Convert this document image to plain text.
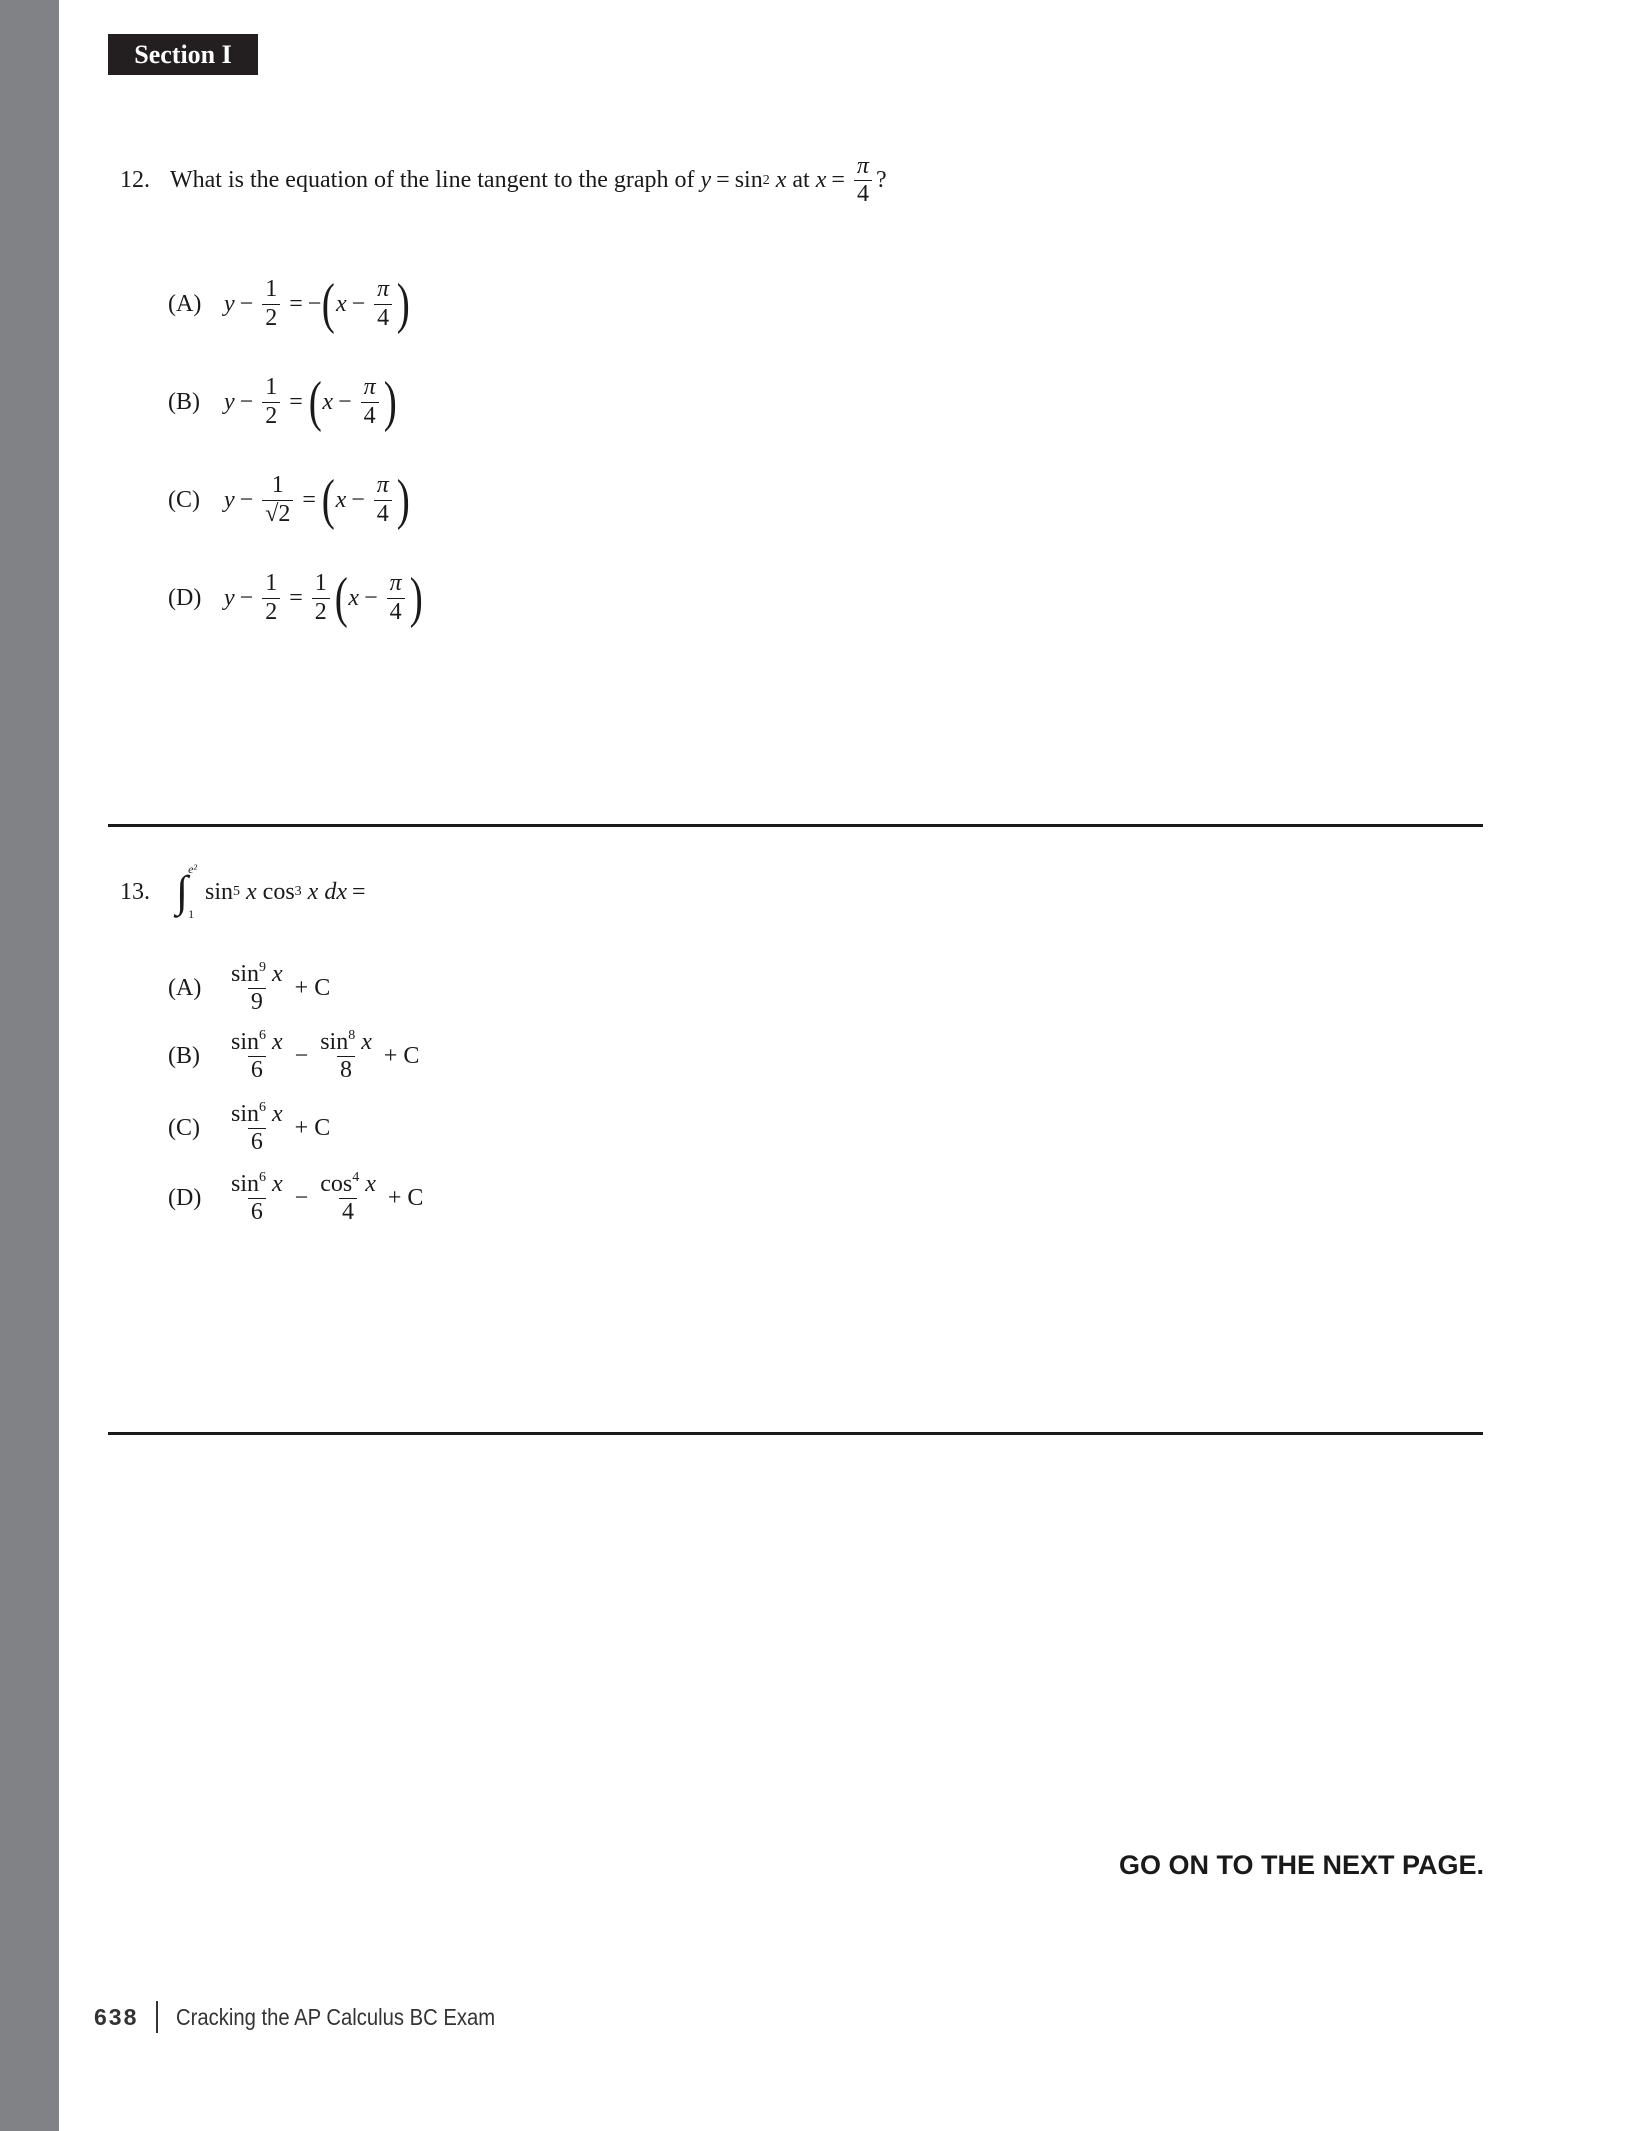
Section I
12. What is the equation of the line tangent to the graph of
y = sin 2
x
at
$x = \frac{\pi}{4}$ ?
(A) $y - \frac{1}{2}$ = − ( $x - \frac{\pi}{4}$ )
(B)	$y - \frac{1}{2}$ = ( $x - \frac{\pi}{4}$ )
(C)	$y - \frac{1}{√2}$ = ( $x - \frac{\pi}{4}$ )
(D) $y - \frac{1}{2} = \frac{1}{2}$ ( $x - \frac{\pi}{4}$ )
13. ∫ e²
1
sin 5
x
cos 3
x
dx =
(A)	$\frac{\sin^9 x}{9} + C$
(B)	$\frac{\sin^6 x}{6} - \frac{\sin^8 x}{8} + C$
(C)	$\frac{\sin^6 x}{6} + C$
(D)	$\frac{\sin^6 x}{6} - \frac{\cos^4 x}{4} + C$
GO ON TO THE NEXT PAGE.
638 Cracking the AP Calculus BC Exam
